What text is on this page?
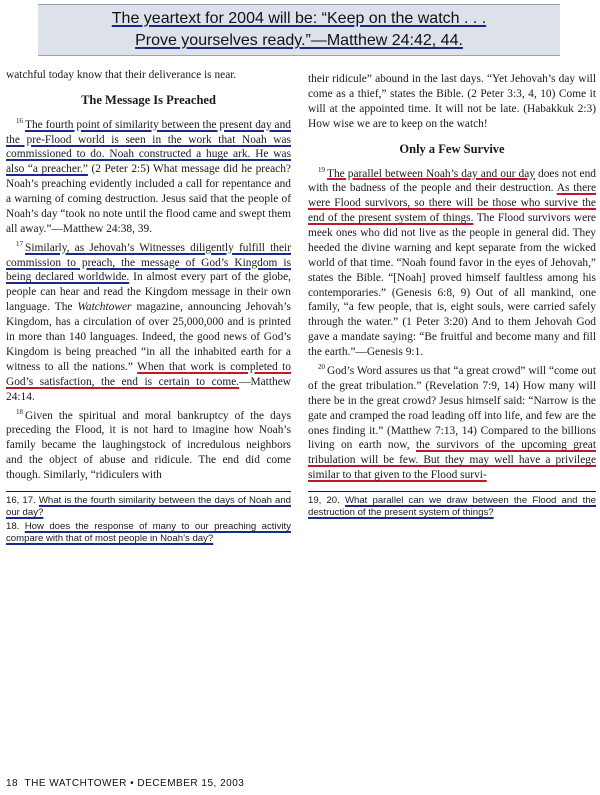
The yeartext for 2004 will be: “Keep on the watch . . .
Prove yourselves ready.”—Matthew 24:42, 44.

watchful today know that their deliverance is near.

The Message Is Preached

$^{16}$ The fourth point of similarity between the present day and the pre-Flood world is seen in the work that Noah was commissioned to do. Noah constructed a huge ark. He was also “a preacher.” (2 Peter 2:5) What message did he preach? Noah’s preaching evidently included a call for repentance and a warning of coming destruction. Jesus said that the people of Noah’s day “took no note until the flood came and swept them all away.”—Matthew 24:38, 39.

$^{17}$ Similarly, as Jehovah’s Witnesses diligently fulfill their commission to preach, the message of God’s Kingdom is being declared worldwide. In almost every part of the globe, people can hear and read the Kingdom message in their own language. The Watchtower magazine, announcing Jehovah’s Kingdom, has a circulation of over 25,000,000 and is printed in more than 140 languages. Indeed, the good news of God’s Kingdom is being preached “in all the inhabited earth for a witness to all the nations.” When that work is completed to God’s satisfaction, the end is certain to come.—Matthew 24:14.

$^{18}$ Given the spiritual and moral bankruptcy of the days preceding the Flood, it is not hard to imagine how Noah’s family became the laughingstock of incredulous neighbors and the object of abuse and ridicule. The end did come though. Similarly, “ridiculers with

16, 17. What is the fourth similarity between the days of Noah and our day?
18. How does the response of many to our preaching activity compare with that of most people in Noah’s day?

their ridicule” abound in the last days. “Yet Jehovah’s day will come as a thief,” states the Bible. (2 Peter 3:3, 4, 10) Come it will at the appointed time. It will not be late. (Habakkuk 2:3) How wise we are to keep on the watch!

Only a Few Survive

$^{19}$ The parallel between Noah’s day and our day does not end with the badness of the people and their destruction. As there were Flood survivors, so there will be those who survive the end of the present system of things. The Flood survivors were meek ones who did not live as the people in general did. They heeded the divine warning and kept separate from the wicked world of that time. “Noah found favor in the eyes of Jehovah,” states the Bible. “[Noah] proved himself faultless among his contemporaries.” (Genesis 6:8, 9) Out of all mankind, one family, “a few people, that is, eight souls, were carried safely through the water.” (1 Peter 3:20) And to them Jehovah God gave a mandate saying: “Be fruitful and become many and fill the earth.”—Genesis 9:1.

$^{20}$ God’s Word assures us that “a great crowd” will “come out of the great tribulation.” (Revelation 7:9, 14) How many will there be in the great crowd? Jesus himself said: “Narrow is the gate and cramped the road leading off into life, and few are the ones finding it.” (Matthew 7:13, 14) Compared to the billions living on earth now, the survivors of the upcoming great tribulation will be few. But they may well have a privilege similar to that given to the Flood survi-

19, 20. What parallel can we draw between the Flood and the destruction of the present system of things?
18 THE WATCHTOWER • DECEMBER 15, 2003
